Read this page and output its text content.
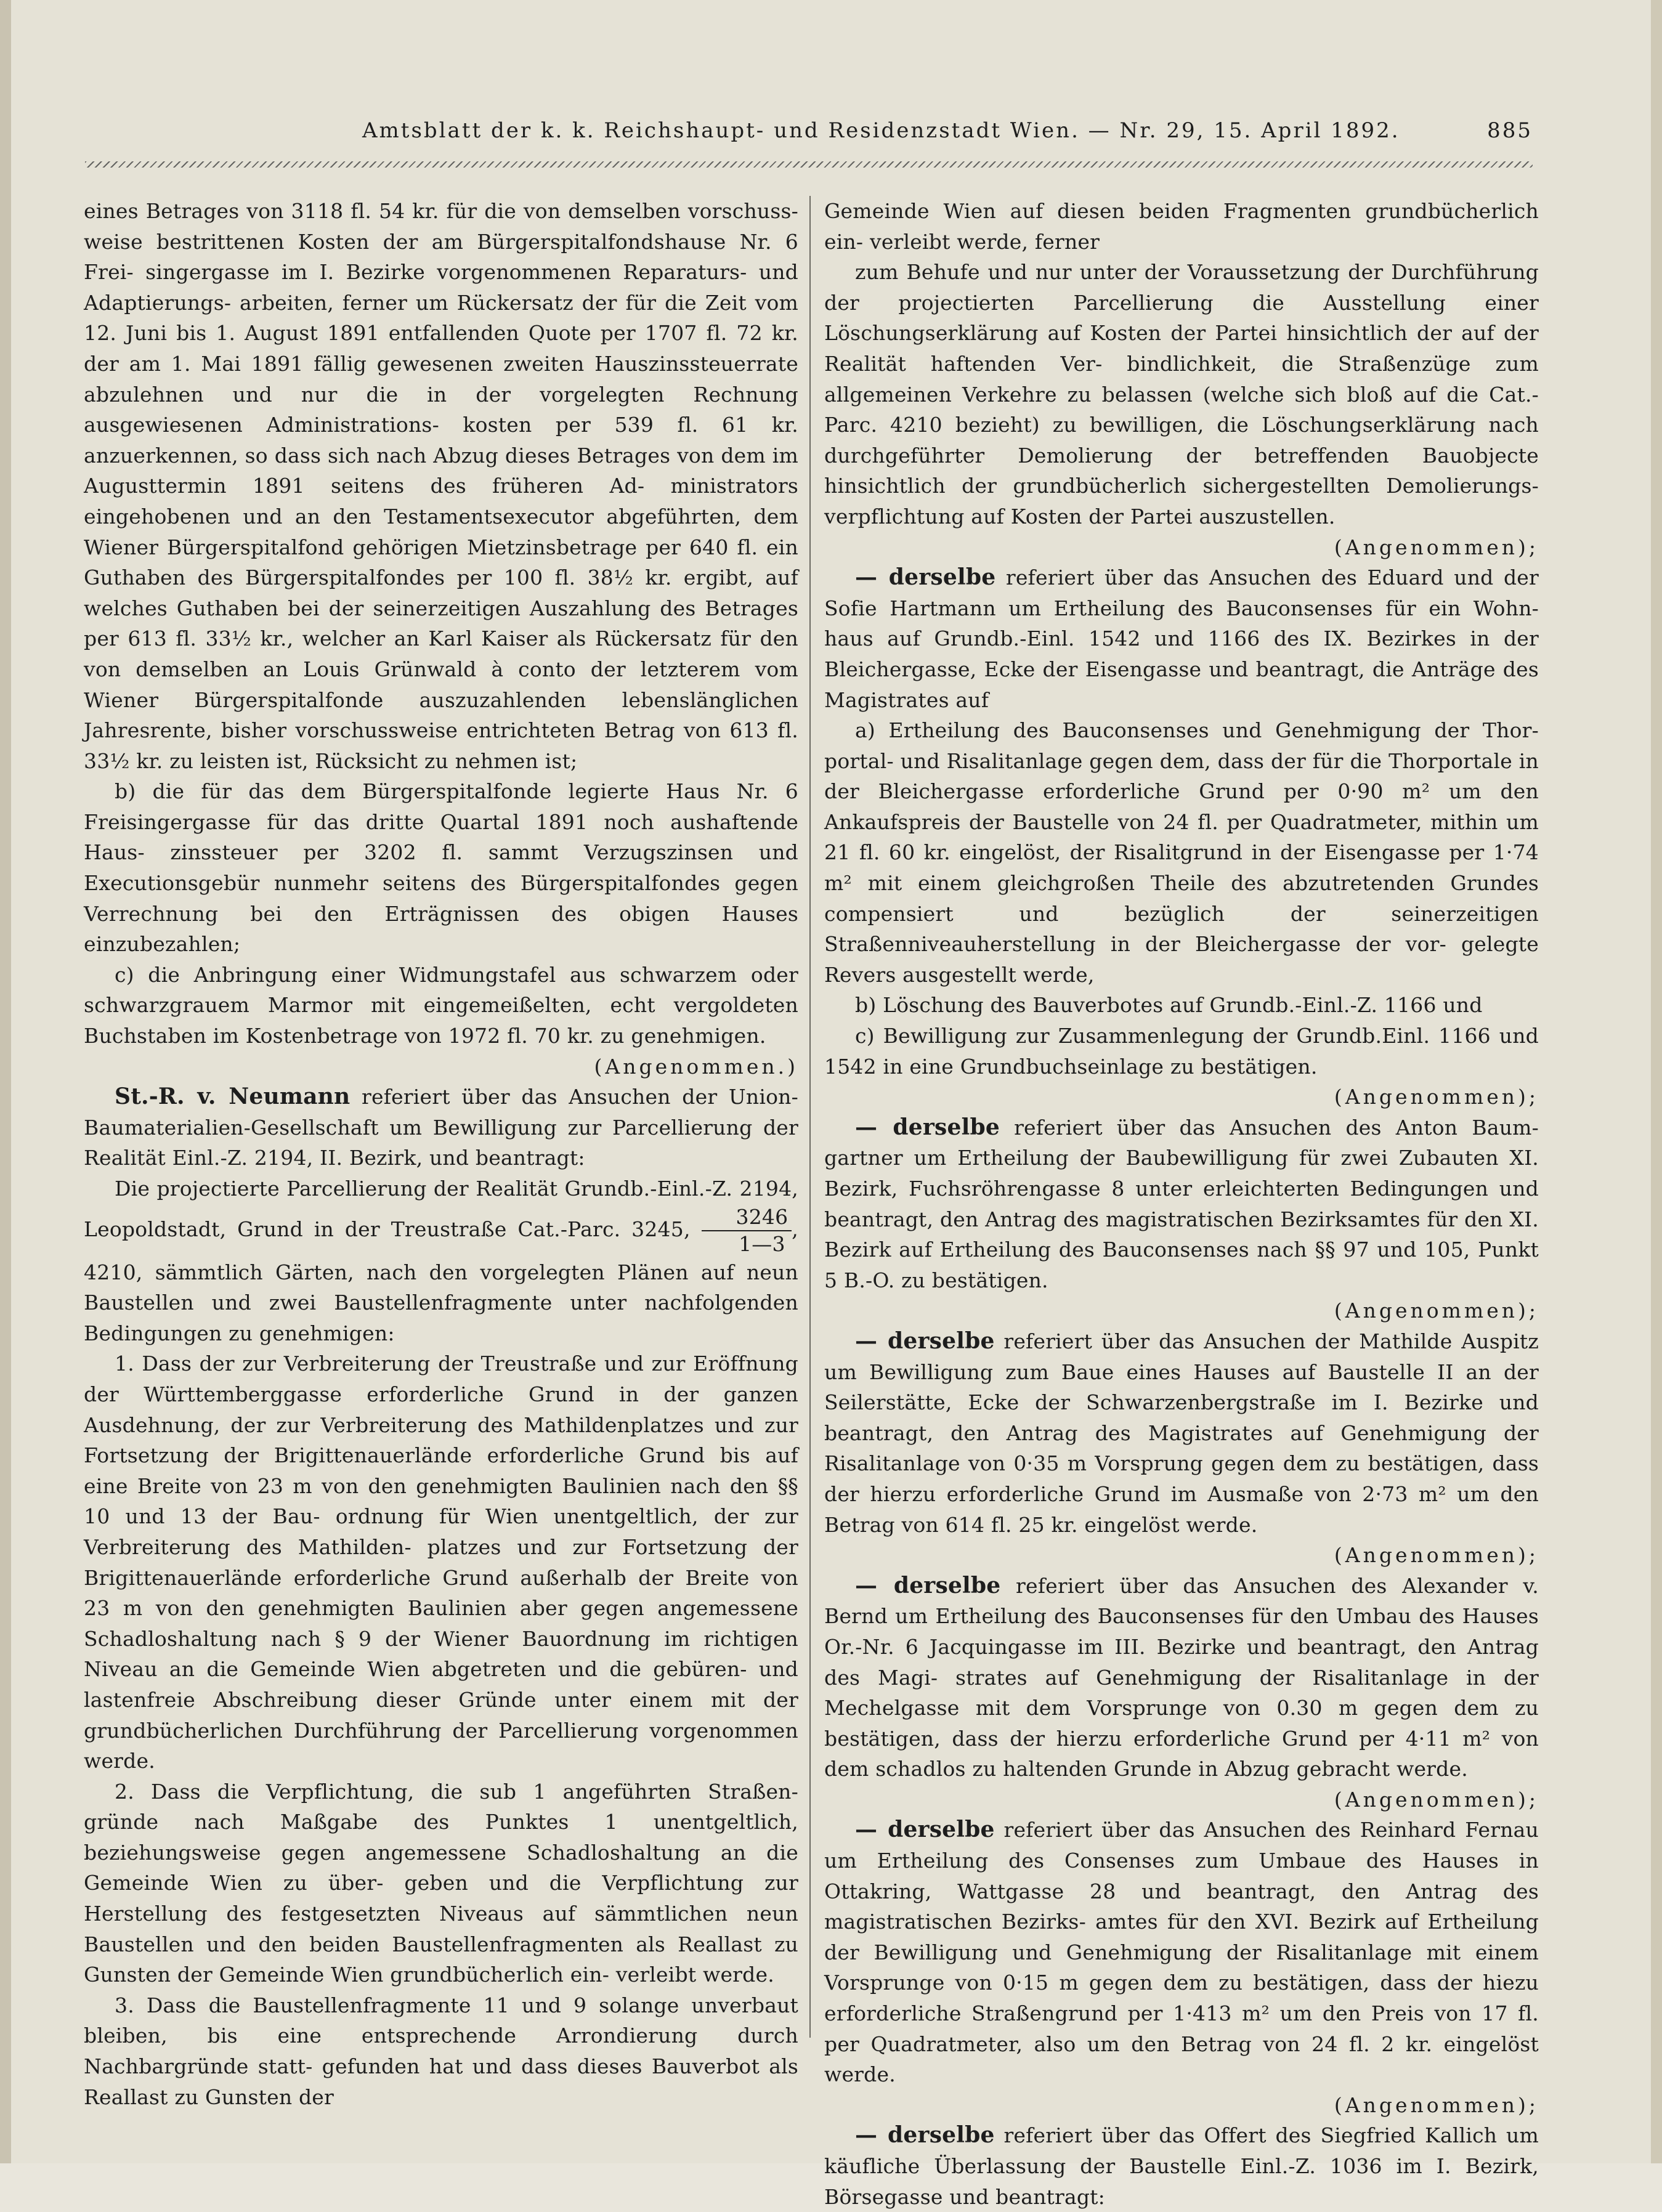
Amtsblatt der k. k. Reichshaupt- und Residenzstadt Wien. — Nr. 29, 15. April 1892.	885

eines Betrages von 3118 fl. 54 kr. für die von demselben vorschuss- weise bestrittenen Kosten der am Bürgerspitalfondshause Nr. 6 Frei- singergasse im I. Bezirke vorgenommenen Reparaturs- und Adaptierungs- arbeiten, ferner um Rückersatz der für die Zeit vom 12. Juni bis 1. August 1891 entfallenden Quote per 1707 fl. 72 kr. der am 1. Mai 1891 fällig gewesenen zweiten Hauszinssteuerrate abzulehnen und nur die in der vorgelegten Rechnung ausgewiesenen Administrations- kosten per 539 fl. 61 kr. anzuerkennen, so dass sich nach Abzug dieses Betrages von dem im Augusttermin 1891 seitens des früheren Ad- ministrators eingehobenen und an den Testamentsexecutor abgeführten, dem Wiener Bürgerspitalfond gehörigen Mietzinsbetrage per 640 fl. ein Guthaben des Bürgerspitalfondes per 100 fl. 38½ kr. ergibt, auf welches Guthaben bei der seinerzeitigen Auszahlung des Betrages per 613 fl. 33½ kr., welcher an Karl Kaiser als Rückersatz für den von demselben an Louis Grünwald à conto der letzterem vom Wiener Bürgerspitalfonde auszuzahlenden lebenslänglichen Jahresrente, bisher vorschussweise entrichteten Betrag von 613 fl. 33½ kr. zu leisten ist, Rücksicht zu nehmen ist;

b) die für das dem Bürgerspitalfonde legierte Haus Nr. 6 Freisingergasse für das dritte Quartal 1891 noch aushaftende Haus- zinssteuer per 3202 fl. sammt Verzugszinsen und Executionsgebür nunmehr seitens des Bürgerspitalfondes gegen Verrechnung bei den Erträgnissen des obigen Hauses einzubezahlen;

c) die Anbringung einer Widmungstafel aus schwarzem oder schwarzgrauem Marmor mit eingemeißelten, echt vergoldeten Buchstaben im Kostenbetrage von 1972 fl. 70 kr. zu genehmigen.

(Angenommen.)

St.-R. v. Neumann referiert über das Ansuchen der Union- Baumaterialien-Gesellschaft um Bewilligung zur Parcellierung der Realität Einl.-Z. 2194, II. Bezirk, und beantragt:

Die projectierte Parcellierung der Realität Grundb.-Einl.-Z. 2194, Leopoldstadt, Grund in der Treustraße Cat.-Parc. 3245, $\frac{3246}{1—3}$ , 4210, sämmtlich Gärten, nach den vorgelegten Plänen auf neun Baustellen und zwei Baustellenfragmente unter nachfolgenden Bedingungen zu genehmigen:

1. Dass der zur Verbreiterung der Treustraße und zur Eröffnung der Württemberggasse erforderliche Grund in der ganzen Ausdehnung, der zur Verbreiterung des Mathildenplatzes und zur Fortsetzung der Brigittenauerlände erforderliche Grund bis auf eine Breite von 23 m von den genehmigten Baulinien nach den §§ 10 und 13 der Bau- ordnung für Wien unentgeltlich, der zur Verbreiterung des Mathilden- platzes und zur Fortsetzung der Brigittenauerlände erforderliche Grund außerhalb der Breite von 23 m von den genehmigten Baulinien aber gegen angemessene Schadloshaltung nach § 9 der Wiener Bauordnung im richtigen Niveau an die Gemeinde Wien abgetreten und die gebüren- und lastenfreie Abschreibung dieser Gründe unter einem mit der grundbücherlichen Durchführung der Parcellierung vorgenommen werde.

2. Dass die Verpflichtung, die sub 1 angeführten Straßen- gründe nach Maßgabe des Punktes 1 unentgeltlich, beziehungsweise gegen angemessene Schadloshaltung an die Gemeinde Wien zu über- geben und die Verpflichtung zur Herstellung des festgesetzten Niveaus auf sämmtlichen neun Baustellen und den beiden Baustellenfragmenten als Reallast zu Gunsten der Gemeinde Wien grundbücherlich ein- verleibt werde.

3. Dass die Baustellenfragmente 11 und 9 solange unverbaut bleiben, bis eine entsprechende Arrondierung durch Nachbargründe statt- gefunden hat und dass dieses Bauverbot als Reallast zu Gunsten der

Gemeinde Wien auf diesen beiden Fragmenten grundbücherlich ein- verleibt werde, ferner

zum Behufe und nur unter der Voraussetzung der Durchführung der projectierten Parcellierung die Ausstellung einer Löschungserklärung auf Kosten der Partei hinsichtlich der auf der Realität haftenden Ver- bindlichkeit, die Straßenzüge zum allgemeinen Verkehre zu belassen (welche sich bloß auf die Cat.-Parc. 4210 bezieht) zu bewilligen, die Löschungserklärung nach durchgeführter Demolierung der betreffenden Bauobjecte hinsichtlich der grundbücherlich sichergestellten Demolierungs- verpflichtung auf Kosten der Partei auszustellen.

(Angenommen);

— derselbe referiert über das Ansuchen des Eduard und der Sofie Hartmann um Ertheilung des Bauconsenses für ein Wohn- haus auf Grundb.-Einl. 1542 und 1166 des IX. Bezirkes in der Bleichergasse, Ecke der Eisengasse und beantragt, die Anträge des Magistrates auf

a) Ertheilung des Bauconsenses und Genehmigung der Thor- portal- und Risalitanlage gegen dem, dass der für die Thorportale in der Bleichergasse erforderliche Grund per 0·90 m² um den Ankaufspreis der Baustelle von 24 fl. per Quadratmeter, mithin um 21 fl. 60 kr. eingelöst, der Risalitgrund in der Eisengasse per 1·74 m² mit einem gleichgroßen Theile des abzutretenden Grundes compensiert und bezüglich der seinerzeitigen Straßenniveauherstellung in der Bleichergasse der vor- gelegte Revers ausgestellt werde,

b) Löschung des Bauverbotes auf Grundb.-Einl.-Z. 1166 und

c) Bewilligung zur Zusammenlegung der Grundb.Einl. 1166 und 1542 in eine Grundbuchseinlage zu bestätigen.

(Angenommen);

— derselbe referiert über das Ansuchen des Anton Baum- gartner um Ertheilung der Baubewilligung für zwei Zubauten XI. Bezirk, Fuchsröhrengasse 8 unter erleichterten Bedingungen und beantragt, den Antrag des magistratischen Bezirksamtes für den XI. Bezirk auf Ertheilung des Bauconsenses nach §§ 97 und 105, Punkt 5 B.-O. zu bestätigen.

(Angenommen);

— derselbe referiert über das Ansuchen der Mathilde Auspitz um Bewilligung zum Baue eines Hauses auf Baustelle II an der Seilerstätte, Ecke der Schwarzenbergstraße im I. Bezirke und beantragt, den Antrag des Magistrates auf Genehmigung der Risalitanlage von 0·35 m Vorsprung gegen dem zu bestätigen, dass der hierzu erforderliche Grund im Ausmaße von 2·73 m² um den Betrag von 614 fl. 25 kr. eingelöst werde.

(Angenommen);

— derselbe referiert über das Ansuchen des Alexander v. Bernd um Ertheilung des Bauconsenses für den Umbau des Hauses Or.-Nr. 6 Jacquingasse im III. Bezirke und beantragt, den Antrag des Magi- strates auf Genehmigung der Risalitanlage in der Mechelgasse mit dem Vorsprunge von 0.30 m gegen dem zu bestätigen, dass der hierzu erforderliche Grund per 4·11 m² von dem schadlos zu haltenden Grunde in Abzug gebracht werde.

(Angenommen);

— derselbe referiert über das Ansuchen des Reinhard Fernau um Ertheilung des Consenses zum Umbaue des Hauses in Ottakring, Wattgasse 28 und beantragt, den Antrag des magistratischen Bezirks- amtes für den XVI. Bezirk auf Ertheilung der Bewilligung und Genehmigung der Risalitanlage mit einem Vorsprunge von 0·15 m gegen dem zu bestätigen, dass der hiezu erforderliche Straßengrund per 1·413 m² um den Preis von 17 fl. per Quadratmeter, also um den Betrag von 24 fl. 2 kr. eingelöst werde.

(Angenommen);

— derselbe referiert über das Offert des Siegfried Kallich um käufliche Überlassung der Baustelle Einl.-Z. 1036 im I. Bezirk, Börsegasse und beantragt:
